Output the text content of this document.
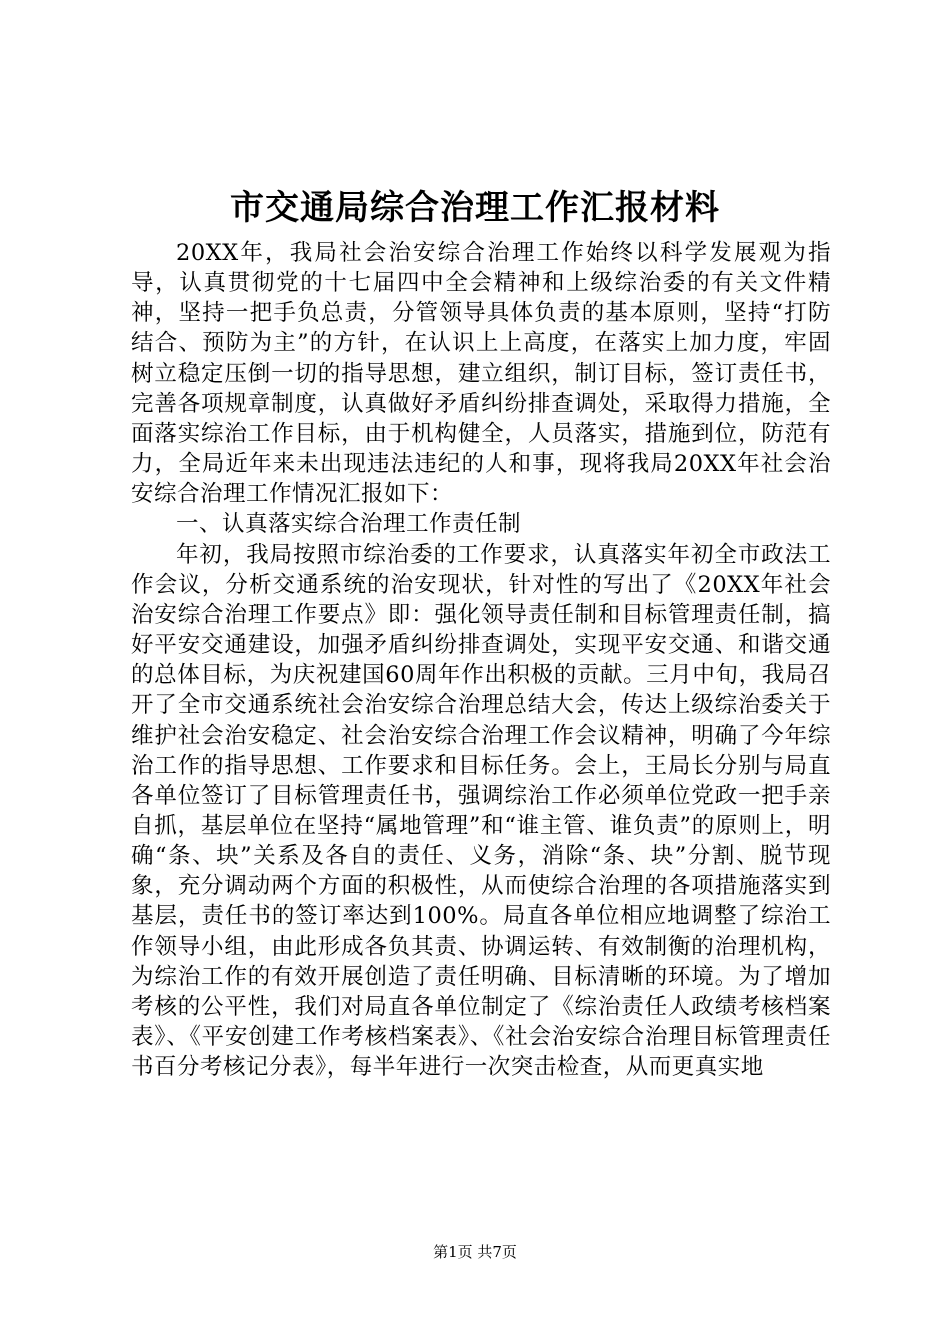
市交通局综合治理工作汇报材料

20XX年，我局社会治安综合治理工作始终以科学发展观为指导，认真贯彻党的十七届四中全会精神和上级综治委的有关文件精神，坚持一把手负总责，分管领导具体负责的基本原则，坚持“打防结合、预防为主”的方针，在认识上上高度，在落实上加力度，牢固树立稳定压倒一切的指导思想，建立组织，制订目标，签订责任书，完善各项规章制度，认真做好矛盾纠纷排查调处，采取得力措施，全面落实综治工作目标，由于机构健全，人员落实，措施到位，防范有力，全局近年来未出现违法违纪的人和事，现将我局20XX年社会治安综合治理工作情况汇报如下：

一、认真落实综合治理工作责任制

年初，我局按照市综治委的工作要求，认真落实年初全市政法工作会议，分析交通系统的治安现状，针对性的写出了《20XX年社会治安综合治理工作要点》即：强化领导责任制和目标管理责任制，搞好平安交通建设，加强矛盾纠纷排查调处，实现平安交通、和谐交通的总体目标，为庆祝建国60周年作出积极的贡献。三月中旬，我局召开了全市交通系统社会治安综合治理总结大会，传达上级综治委关于维护社会治安稳定、社会治安综合治理工作会议精神，明确了今年综治工作的指导思想、工作要求和目标任务。会上，王局长分别与局直各单位签订了目标管理责任书，强调综治工作必须单位党政一把手亲自抓，基层单位在坚持“属地管理”和“谁主管、谁负责”的原则上，明确“条、块”关系及各自的责任、义务，消除“条、块”分割、脱节现象，充分调动两个方面的积极性，从而使综合治理的各项措施落实到基层，责任书的签订率达到100%。局直各单位相应地调整了综治工作领导小组，由此形成各负其责、协调运转、有效制衡的治理机构，为综治工作的有效开展创造了责任明确、目标清晰的环境。为了增加考核的公平性，我们对局直各单位制定了《综治责任人政绩考核档案表》、《平安创建工作考核档案表》、《社会治安综合治理目标管理责任书百分考核记分表》，每半年进行一次突击检查，从而更真实地

第1页 共7页
